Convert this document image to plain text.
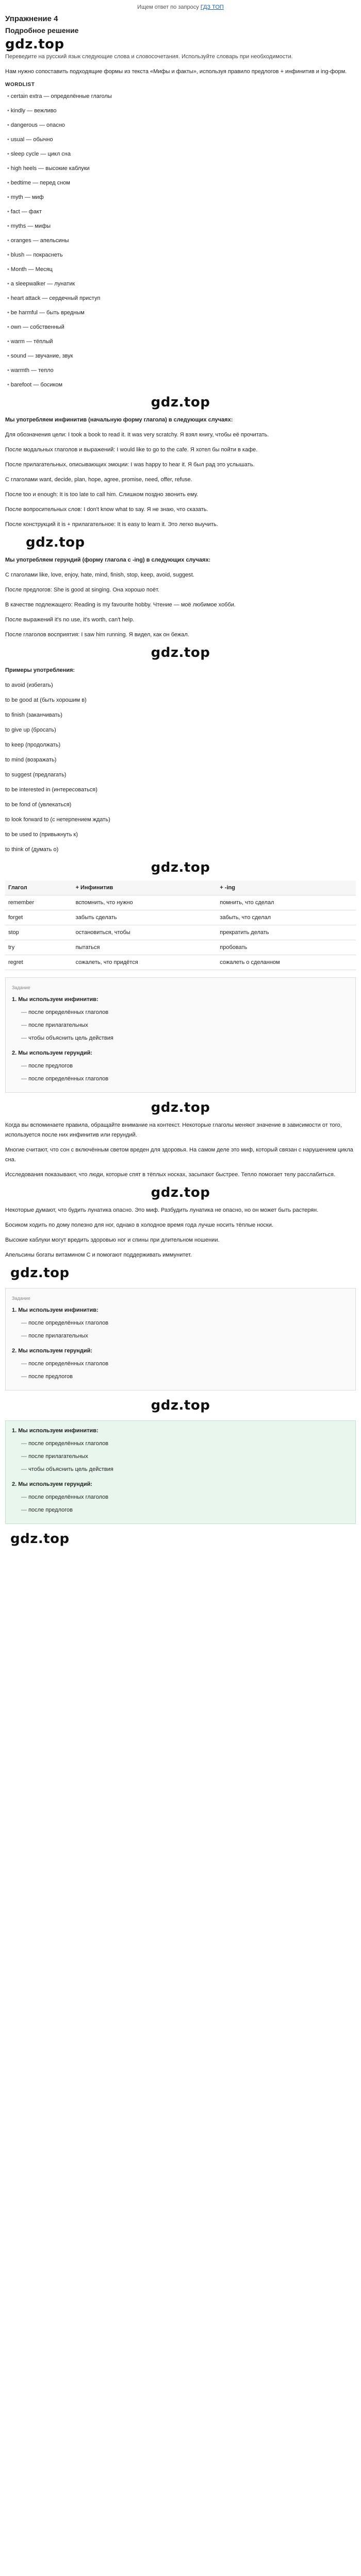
Ищем ответ по запросу ГДЗ ТОП
Упражнение 4
Подробное решение
gdz.top

Переведите на русский язык следующие слова и словосочетания. Используйте словарь при необходимости.

Нам нужно сопоставить подходящие формы из текста «Мифы и факты», используя правило предлогов + инфинитив и ing-форм.

WORDLIST
• certain extra — определённые глаголы
• kindly — вежливо
• dangerous — опасно
• usual — обычно
• sleep cycle — цикл сна
• high heels — высокие каблуки
• bedtime — перед сном
• myth — миф
• fact — факт
• myths — мифы
• oranges — апельсины
• blush — покраснеть
• Month — Месяц
• a sleepwalker — лунатик
• heart attack — сердечный приступ
• be harmful — быть вредным
• own — собственный
• warm — тёплый
• sound — звучание, звук
• warmth — тепло
• barefoot — босиком
gdz.top

Мы употребляем инфинитив (начальную форму глагола) в следующих случаях:

Для обозначения цели: I took a book to read it. It was very scratchy. Я взял книгу, чтобы её прочитать.
После модальных глаголов и выражений: I would like to go to the cafe. Я хотел бы пойти в кафе.
После прилагательных, описывающих эмоции: I was happy to hear it. Я был рад это услышать.
С глаголами want, decide, plan, hope, agree, promise, need, offer, refuse.
После too и enough: It is too late to call him. Слишком поздно звонить ему.
После вопросительных слов: I don't know what to say. Я не знаю, что сказать.
После конструкций it is + прилагательное: It is easy to learn it. Это легко выучить.
gdz.top

Мы употребляем герундий (форму глагола с -ing) в следующих случаях:

С глаголами like, love, enjoy, hate, mind, finish, stop, keep, avoid, suggest.
После предлогов: She is good at singing. Она хорошо поёт.
В качестве подлежащего: Reading is my favourite hobby. Чтение — моё любимое хобби.
После выражений it's no use, it's worth, can't help.
После глаголов восприятия: I saw him running. Я видел, как он бежал.
gdz.top

Примеры употребления:

to avoid (избегать)
to be good at (быть хорошим в)
to finish (заканчивать)
to give up (бросать)
to keep (продолжать)
to mind (возражать)
to suggest (предлагать)
to be interested in (интересоваться)
to be fond of (увлекаться)
to look forward to (с нетерпением ждать)
to be used to (привыкнуть к)
to think of (думать о)
gdz.top
Глагол	+ Инфинитив	+ -ing
remember	вспомнить, что нужно	помнить, что сделал
forget	забыть сделать	забыть, что сделал
stop	остановиться, чтобы	прекратить делать
try	пытаться	пробовать
regret	сожалеть, что придётся	сожалеть о сделанном
Задание
1. Мы используем инфинитив:
— после определённых глаголов
— после прилагательных
— чтобы объяснить цель действия
2. Мы используем герундий:
— после предлогов
— после определённых глаголов
gdz.top

Когда вы вспоминаете правила, обращайте внимание на контекст. Некоторые глаголы меняют значение в зависимости от того, используется после них инфинитив или герундий.

Многие считают, что сон с включённым светом вреден для здоровья. На самом деле это миф, который связан с нарушением цикла сна.

Исследования показывают, что люди, которые спят в тёплых носках, засыпают быстрее. Тепло помогает телу расслабиться.

gdz.top

Некоторые думают, что будить лунатика опасно. Это миф. Разбудить лунатика не опасно, но он может быть растерян.

Босиком ходить по дому полезно для ног, однако в холодное время года лучше носить тёплые носки.

Высокие каблуки могут вредить здоровью ног и спины при длительном ношении.

Апельсины богаты витамином С и помогают поддерживать иммунитет.

gdz.top
Задание
1. Мы используем инфинитив:
— после определённых глаголов
— после прилагательных
2. Мы используем герундий:
— после определённых глаголов
— после предлогов
gdz.top
1. Мы используем инфинитив:
— после определённых глаголов
— после прилагательных
— чтобы объяснить цель действия
2. Мы используем герундий:
— после определённых глаголов
— после предлогов
gdz.top
